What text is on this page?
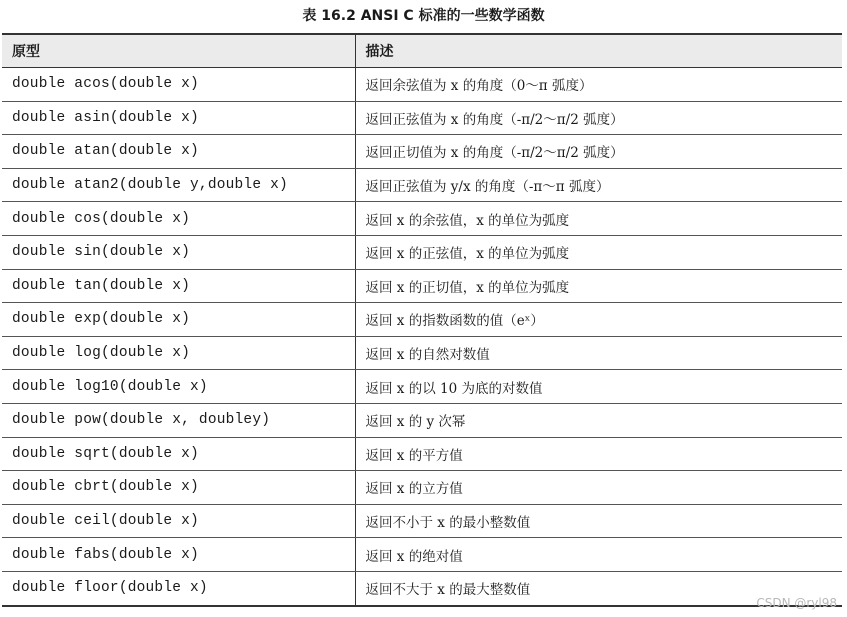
表 16.2 ANSI C 标准的一些数学函数
原型	描述
double acos(double x)	返回余弦值为 x 的角度（0～π 弧度）
double asin(double x)	返回正弦值为 x 的角度（-π/2～π/2 弧度）
double atan(double x)	返回正切值为 x 的角度（-π/2～π/2 弧度）
double atan2(double y,double x)	返回正弦值为 y/x 的角度（-π～π 弧度）
double cos(double x)	返回 x 的余弦值，x 的单位为弧度
double sin(double x)	返回 x 的正弦值，x 的单位为弧度
double tan(double x)	返回 x 的正切值，x 的单位为弧度
double exp(double x)	返回 x 的指数函数的值（eˣ）
double log(double x)	返回 x 的自然对数值
double log10(double x)	返回 x 的以 10 为底的对数值
double pow(double x, doubley)	返回 x 的 y 次幂
double sqrt(double x)	返回 x 的平方值
double cbrt(double x)	返回 x 的立方值
double ceil(double x)	返回不小于 x 的最小整数值
double fabs(double x)	返回 x 的绝对值
double floor(double x)	返回不大于 x 的最大整数值
CSDN @ryl98
